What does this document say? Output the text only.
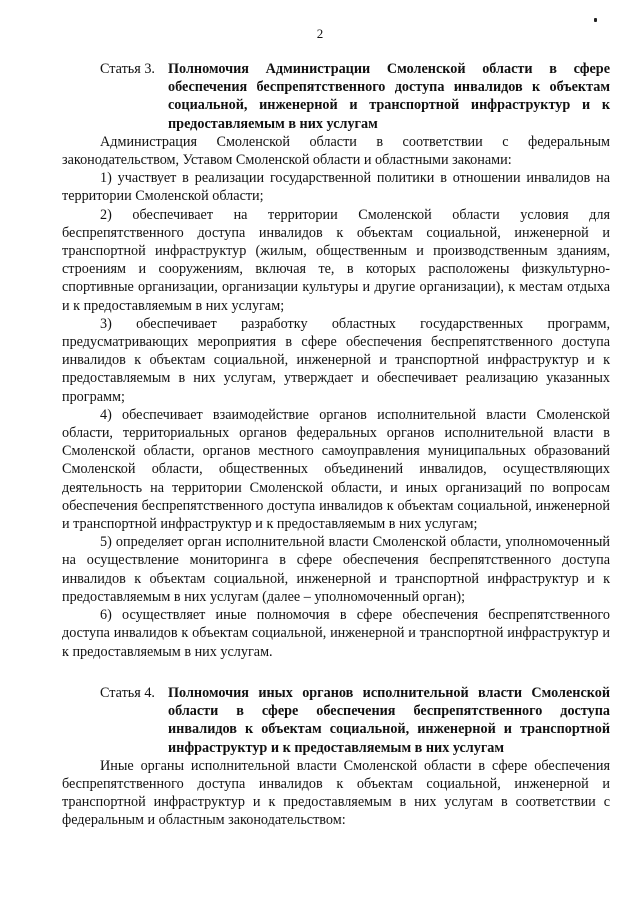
2
Статья 3. Полномочия Администрации Смоленской области в сфере обеспечения беспрепятственного доступа инвалидов к объектам социальной, инженерной и транспортной инфраструктур и к предоставляемым в них услугам

Администрация Смоленской области в соответствии с федеральным законодательством, Уставом Смоленской области и областными законами:

1) участвует в реализации государственной политики в отношении инвалидов на территории Смоленской области;

2) обеспечивает на территории Смоленской области условия для беспрепятственного доступа инвалидов к объектам социальной, инженерной и транспортной инфраструктур (жилым, общественным и производственным зданиям, строениям и сооружениям, включая те, в которых расположены физкультурно-спортивные организации, организации культуры и другие организации), к местам отдыха и к предоставляемым в них услугам;

3) обеспечивает разработку областных государственных программ, предусматривающих мероприятия в сфере обеспечения беспрепятственного доступа инвалидов к объектам социальной, инженерной и транспортной инфраструктур и к предоставляемым в них услугам, утверждает и обеспечивает реализацию указанных программ;

4) обеспечивает взаимодействие органов исполнительной власти Смоленской области, территориальных органов федеральных органов исполнительной власти в Смоленской области, органов местного самоуправления муниципальных образований Смоленской области, общественных объединений инвалидов, осуществляющих деятельность на территории Смоленской области, и иных организаций по вопросам обеспечения беспрепятственного доступа инвалидов к объектам социальной, инженерной и транспортной инфраструктур и к предоставляемым в них услугам;

5) определяет орган исполнительной власти Смоленской области, уполномоченный на осуществление мониторинга в сфере обеспечения беспрепятственного доступа инвалидов к объектам социальной, инженерной и транспортной инфраструктур и к предоставляемым в них услугам (далее – уполномоченный орган);

6) осуществляет иные полномочия в сфере обеспечения беспрепятственного доступа инвалидов к объектам социальной, инженерной и транспортной инфраструктур и к предоставляемым в них услугам.

Статья 4. Полномочия иных органов исполнительной власти Смоленской области в сфере обеспечения беспрепятственного доступа инвалидов к объектам социальной, инженерной и транспортной инфраструктур и к предоставляемым в них услугам

Иные органы исполнительной власти Смоленской области в сфере обеспечения беспрепятственного доступа инвалидов к объектам социальной, инженерной и транспортной инфраструктур и к предоставляемым в них услугам в соответствии с федеральным и областным законодательством:
